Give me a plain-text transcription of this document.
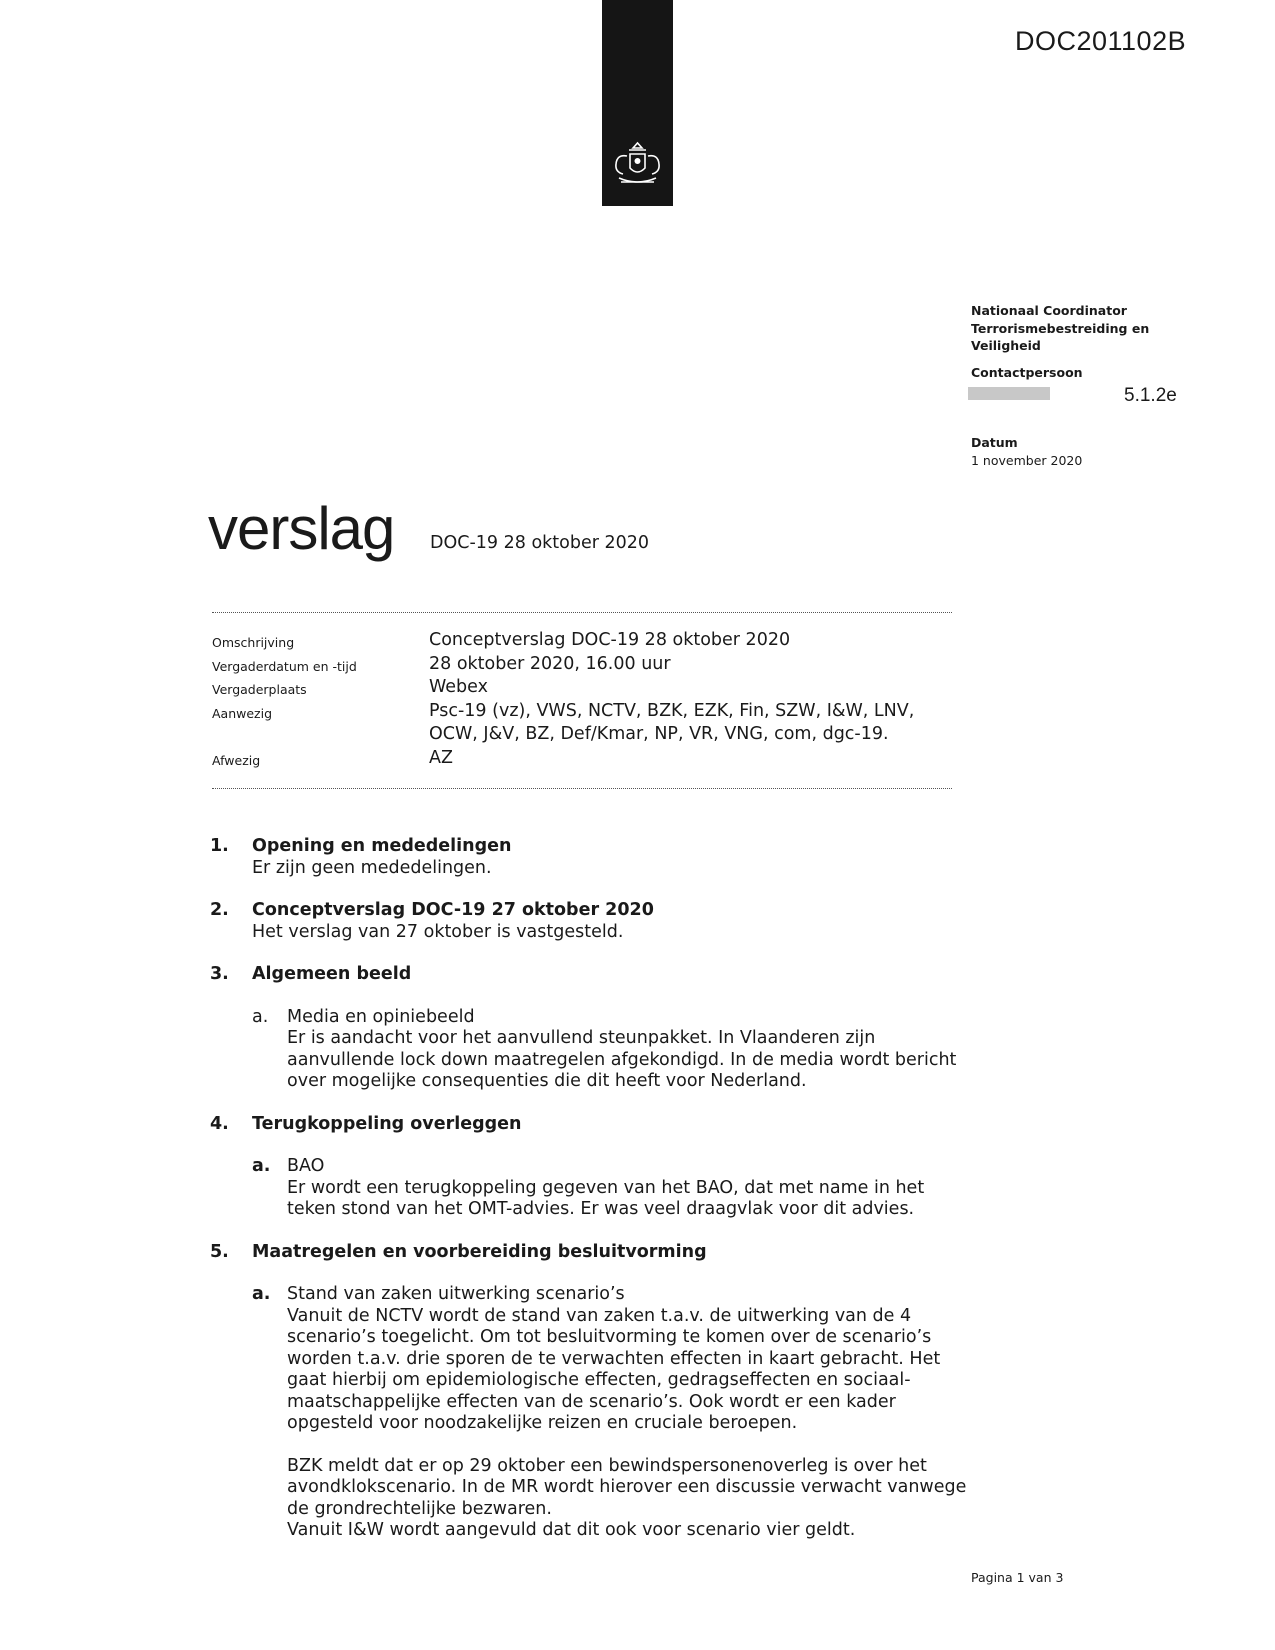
DOC201102B
Nationaal Coordinator
Terrorismebestreiding en
Veiligheid
Contactpersoon
5.1.2e
Datum
1 november 2020
verslag DOC-19 28 oktober 2020
Omschrijving	Conceptverslag DOC-19 28 oktober 2020
Vergaderdatum en -tijd	28 oktober 2020, 16.00 uur
Vergaderplaats	Webex
Aanwezig	Psc-19 (vz), VWS, NCTV, BZK, EZK, Fin, SZW, I&W, LNV, OCW, J&V, BZ, Def/Kmar, NP, VR, VNG, com, dgc-19.
Afwezig	AZ
1.	Opening en mededelingen
Er zijn geen mededelingen.
2.	Conceptverslag DOC-19 27 oktober 2020
Het verslag van 27 oktober is vastgesteld.
3.	Algemeen beeld
a.	Media en opiniebeeld
Er is aandacht voor het aanvullend steunpakket. In Vlaanderen zijn aanvullende lock down maatregelen afgekondigd. In de media wordt bericht over mogelijke consequenties die dit heeft voor Nederland.
4.	Terugkoppeling overleggen
a. BAO
Er wordt een terugkoppeling gegeven van het BAO, dat met name in het teken stond van het OMT-advies. Er was veel draagvlak voor dit advies.
5.	Maatregelen en voorbereiding besluitvorming
a. Stand van zaken uitwerking scenario’s
Vanuit de NCTV wordt de stand van zaken t.a.v. de uitwerking van de 4 scenario’s toegelicht. Om tot besluitvorming te komen over de scenario’s worden t.a.v. drie sporen de te verwachten effecten in kaart gebracht. Het gaat hierbij om epidemiologische effecten, gedragseffecten en sociaal-maatschappelijke effecten van de scenario’s. Ook wordt er een kader opgesteld voor noodzakelijke reizen en cruciale beroepen.
BZK meldt dat er op 29 oktober een bewindspersonenoverleg is over het avondklokscenario. In de MR wordt hierover een discussie verwacht vanwege de grondrechtelijke bezwaren.
Vanuit I&W wordt aangevuld dat dit ook voor scenario vier geldt.
Pagina 1 van 3
